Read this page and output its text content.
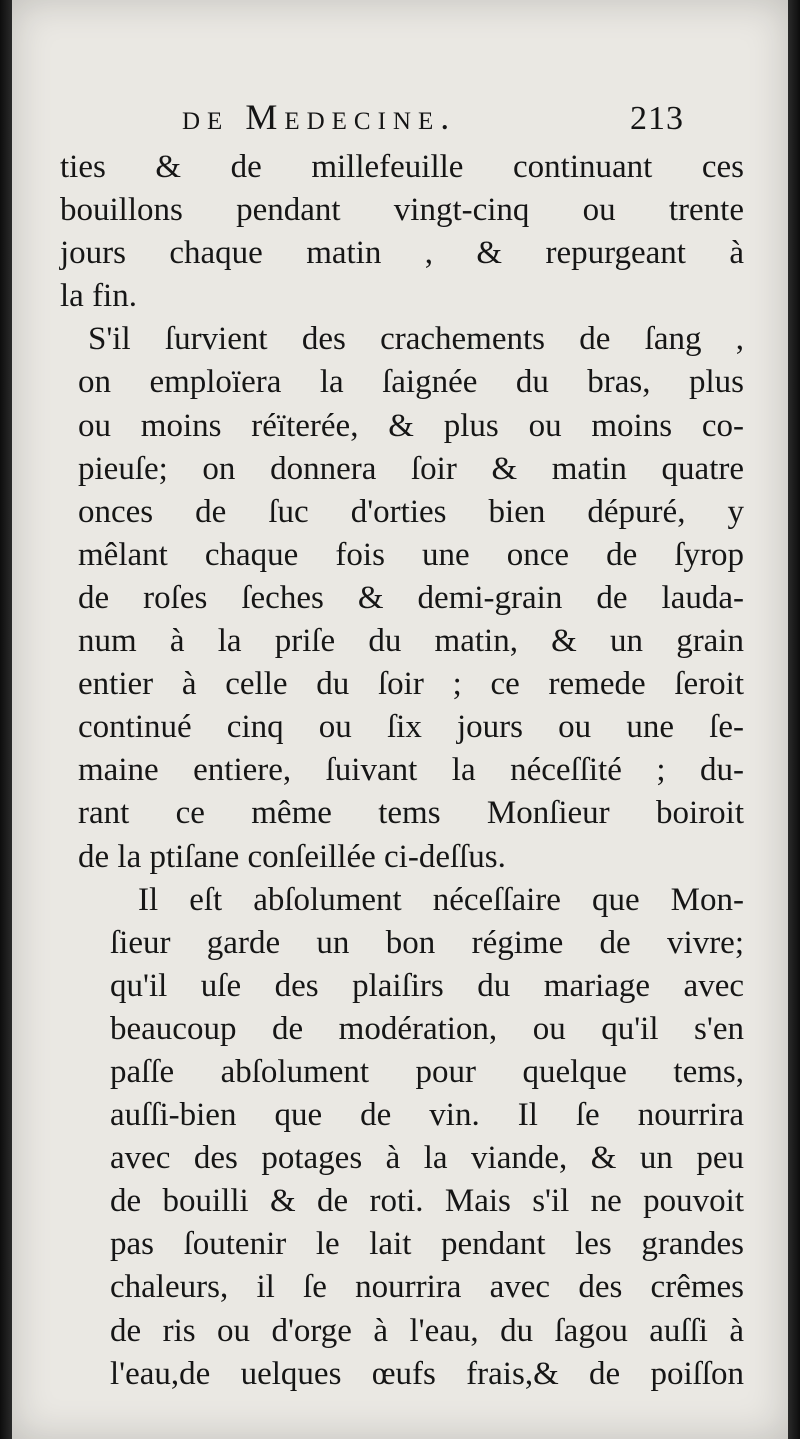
de Medecine.	213
ties & de millefeuille continuant ces
bouillons pendant vingt-cinq ou trente
jours chaque matin , & repurgeant à
la fin.
S'il ſurvient des crachements de ſang ,
on emploïera la ſaignée du bras, plus
ou moins réïterée, & plus ou moins co-
pieuſe; on donnera ſoir & matin quatre
onces de ſuc d'orties bien dépuré, y
mêlant chaque fois une once de ſyrop
de roſes ſeches & demi-grain de lauda-
num à la priſe du matin, & un grain
entier à celle du ſoir ; ce remede ſeroit
continué cinq ou ſix jours ou une ſe-
maine entiere, ſuivant la néceſſité ; du-
rant ce même tems Monſieur boiroit
de la ptiſane conſeillée ci-deſſus.
Il eſt abſolument néceſſaire que Mon-
ſieur garde un bon régime de vivre;
qu'il uſe des plaiſirs du mariage avec
beaucoup de modération, ou qu'il s'en
paſſe abſolument pour quelque tems,
auſſi-bien que de vin. Il ſe nourrira
avec des potages à la viande, & un peu
de bouilli & de roti. Mais s'il ne pouvoit
pas ſoutenir le lait pendant les grandes
chaleurs, il ſe nourrira avec des crêmes
de ris ou d'orge à l'eau, du ſagou auſſi à
l'eau,de uelques œufs frais,& de poiſſon
